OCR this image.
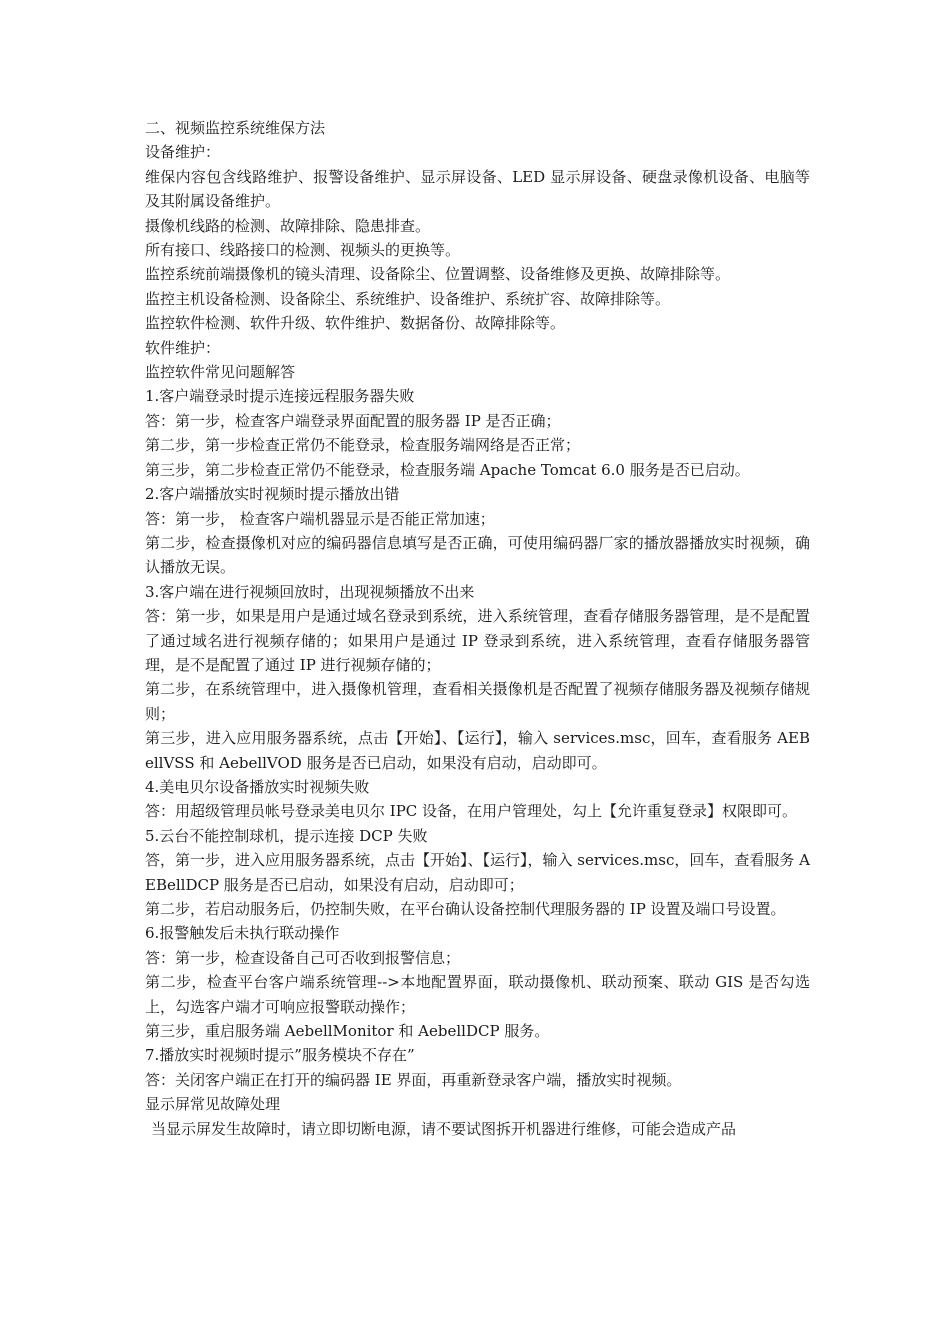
二、视频监控系统维保方法

设备维护：

维保内容包含线路维护、报警设备维护、显示屏设备、LED 显示屏设备、硬盘录像机设备、电脑等及其附属设备维护。

摄像机线路的检测、故障排除、隐患排查。

所有接口、线路接口的检测、视频头的更换等。

监控系统前端摄像机的镜头清理、设备除尘、位置调整、设备维修及更换、故障排除等。

监控主机设备检测、设备除尘、系统维护、设备维护、系统扩容、故障排除等。

监控软件检测、软件升级、软件维护、数据备份、故障排除等。

软件维护：

监控软件常见问题解答

1.客户端登录时提示连接远程服务器失败

答：第一步，检查客户端登录界面配置的服务器 IP 是否正确；

第二步，第一步检查正常仍不能登录，检查服务端网络是否正常；

第三步，第二步检查正常仍不能登录，检查服务端 Apache Tomcat 6.0 服务是否已启动。

2.客户端播放实时视频时提示播放出错

答：第一步， 检查客户端机器显示是否能正常加速；

第二步，检查摄像机对应的编码器信息填写是否正确，可使用编码器厂家的播放器播放实时视频，确认播放无误。

3.客户端在进行视频回放时，出现视频播放不出来

答：第一步，如果是用户是通过域名登录到系统，进入系统管理，查看存储服务器管理，是不是配置了通过域名进行视频存储的；如果用户是通过 IP 登录到系统，进入系统管理，查看存储服务器管理，是不是配置了通过 IP 进行视频存储的；

第二步，在系统管理中，进入摄像机管理，查看相关摄像机是否配置了视频存储服务器及视频存储规则；

第三步，进入应用服务器系统，点击【开始】、【运行】，输入 services.msc，回车，查看服务 AEBellVSS 和 AebellVOD 服务是否已启动，如果没有启动，启动即可。

4.美电贝尔设备播放实时视频失败

答：用超级管理员帐号登录美电贝尔 IPC 设备，在用户管理处，勾上【允许重复登录】权限即可。

5.云台不能控制球机，提示连接 DCP 失败

答，第一步，进入应用服务器系统，点击【开始】、【运行】，输入 services.msc，回车，查看服务 AEBellDCP 服务是否已启动，如果没有启动，启动即可；

第二步，若启动服务后，仍控制失败，在平台确认设备控制代理服务器的 IP 设置及端口号设置。

6.报警触发后未执行联动操作

答：第一步，检查设备自己可否收到报警信息；

第二步，检查平台客户端系统管理-->本地配置界面，联动摄像机、联动预案、联动 GIS 是否勾选上，勾选客户端才可响应报警联动操作；

第三步，重启服务端 AebellMonitor 和 AebellDCP 服务。

7.播放实时视频时提示”服务模块不存在”

答：关闭客户端正在打开的编码器 IE 界面，再重新登录客户端，播放实时视频。

显示屏常见故障处理

当显示屏发生故障时，请立即切断电源，请不要试图拆开机器进行维修，可能会造成产品
